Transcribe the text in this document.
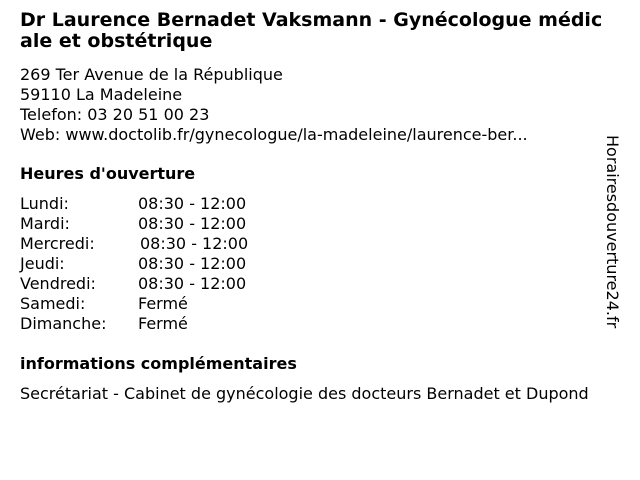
Dr Laurence Bernadet Vaksmann - Gynécologue médicale et obstétrique
269 Ter Avenue de la République
59110 La Madeleine
Telefon: 03 20 51 00 23
Web: www.doctolib.fr/gynecologue/la-madeleine/laurence-ber...
Heures d'ouverture
Lundi:	08:30 - 12:00
Mardi:	08:30 - 12:00
Mercredi:	08:30 - 12:00
Jeudi:	08:30 - 12:00
Vendredi:	08:30 - 12:00
Samedi:	Fermé
Dimanche: Fermé
informations complémentaires
Secrétariat - Cabinet de gynécologie des docteurs Bernadet et Dupond
Horairesdouverture24.fr
